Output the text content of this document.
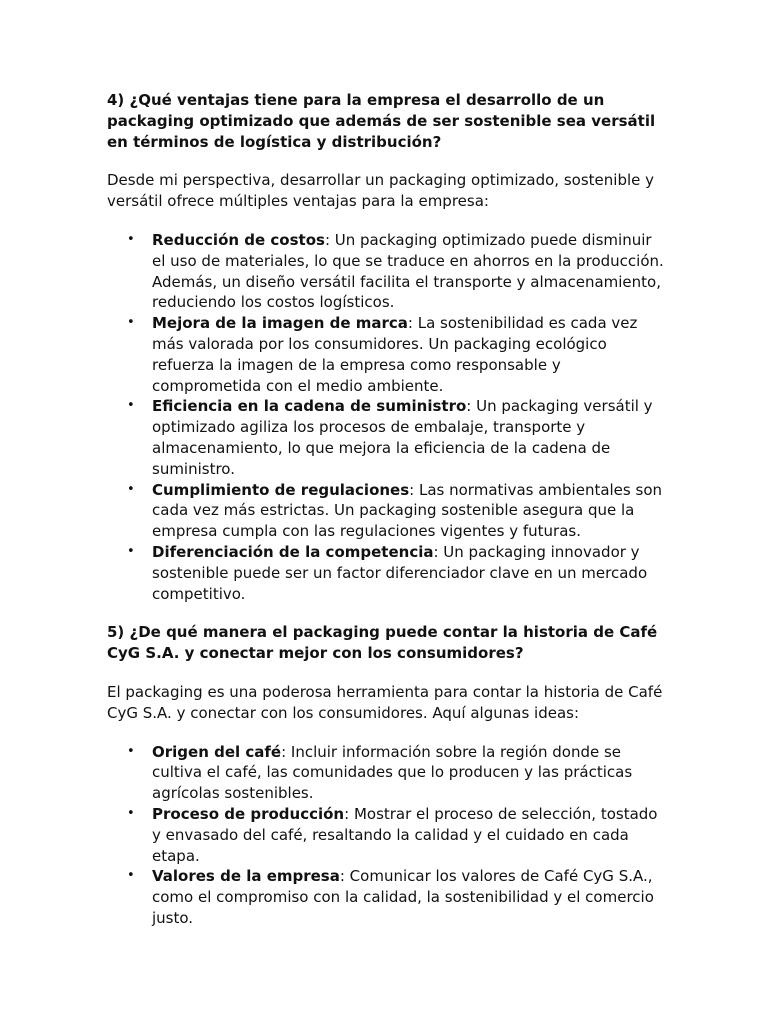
4) ¿Qué ventajas tiene para la empresa el desarrollo de un packaging optimizado que además de ser sostenible sea versátil en términos de logística y distribución?

Desde mi perspectiva, desarrollar un packaging optimizado, sostenible y versátil ofrece múltiples ventajas para la empresa:

• Reducción de costos: Un packaging optimizado puede disminuir el uso de materiales, lo que se traduce en ahorros en la producción. Además, un diseño versátil facilita el transporte y almacenamiento, reduciendo los costos logísticos.
• Mejora de la imagen de marca: La sostenibilidad es cada vez más valorada por los consumidores. Un packaging ecológico refuerza la imagen de la empresa como responsable y comprometida con el medio ambiente.
• Eficiencia en la cadena de suministro: Un packaging versátil y optimizado agiliza los procesos de embalaje, transporte y almacenamiento, lo que mejora la eficiencia de la cadena de suministro.
• Cumplimiento de regulaciones: Las normativas ambientales son cada vez más estrictas. Un packaging sostenible asegura que la empresa cumpla con las regulaciones vigentes y futuras.
• Diferenciación de la competencia: Un packaging innovador y sostenible puede ser un factor diferenciador clave en un mercado competitivo.

5) ¿De qué manera el packaging puede contar la historia de Café CyG S.A. y conectar mejor con los consumidores?

El packaging es una poderosa herramienta para contar la historia de Café CyG S.A. y conectar con los consumidores. Aquí algunas ideas:

• Origen del café: Incluir información sobre la región donde se cultiva el café, las comunidades que lo producen y las prácticas agrícolas sostenibles.
• Proceso de producción: Mostrar el proceso de selección, tostado y envasado del café, resaltando la calidad y el cuidado en cada etapa.
• Valores de la empresa: Comunicar los valores de Café CyG S.A., como el compromiso con la calidad, la sostenibilidad y el comercio justo.
